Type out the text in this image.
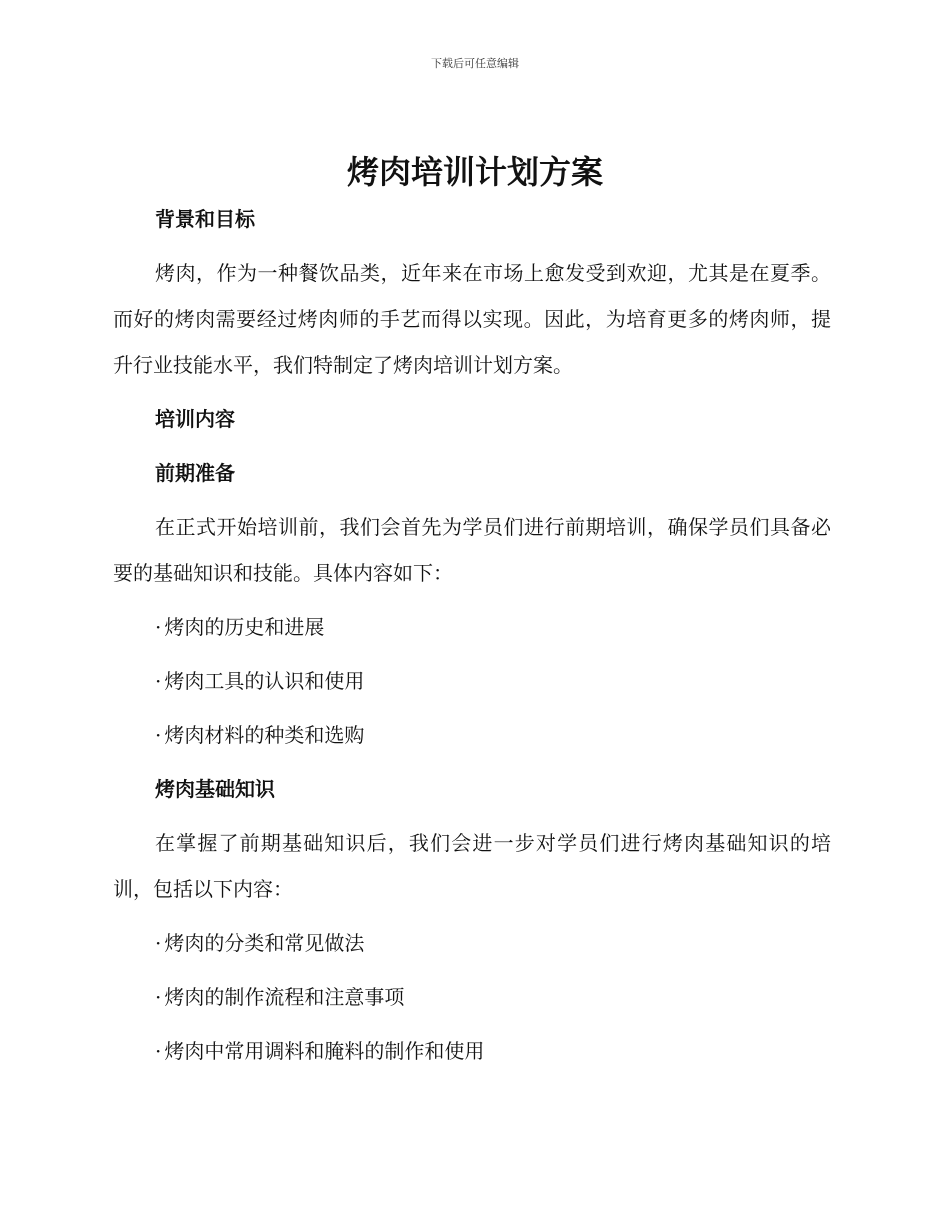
下载后可任意编辑
烤肉培训计划方案
背景和目标

烤肉，作为一种餐饮品类，近年来在市场上愈发受到欢迎，尤其是在夏季。而好的烤肉需要经过烤肉师的手艺而得以实现。因此，为培育更多的烤肉师，提升行业技能水平，我们特制定了烤肉培训计划方案。

培训内容
前期准备

在正式开始培训前，我们会首先为学员们进行前期培训，确保学员们具备必要的基础知识和技能。具体内容如下：

· 烤肉的历史和进展
· 烤肉工具的认识和使用
· 烤肉材料的种类和选购
烤肉基础知识

在掌握了前期基础知识后，我们会进一步对学员们进行烤肉基础知识的培训，包括以下内容：

· 烤肉的分类和常见做法
· 烤肉的制作流程和注意事项
· 烤肉中常用调料和腌料的制作和使用
